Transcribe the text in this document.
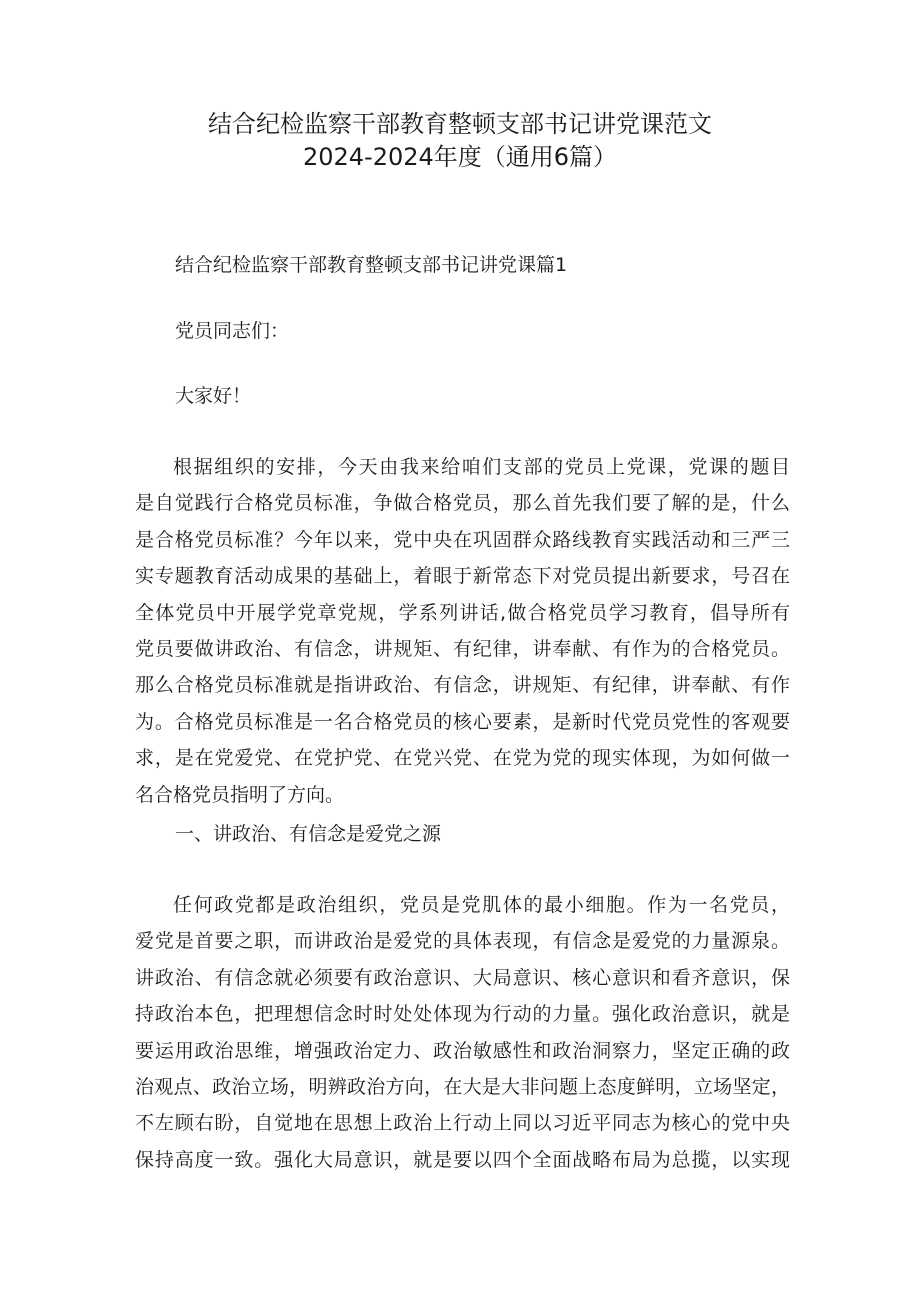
结合纪检监察干部教育整顿支部书记讲党课范文
2024-2024年度（通用6篇）

结合纪检监察干部教育整顿支部书记讲党课篇1

党员同志们：

大家好！

根据组织的安排，今天由我来给咱们支部的党员上党课，党课的题目
是自觉践行合格党员标准，争做合格党员，那么首先我们要了解的是，什么
是合格党员标准？今年以来，党中央在巩固群众路线教育实践活动和三严三
实专题教育活动成果的基础上，着眼于新常态下对党员提出新要求，号召在
全体党员中开展学党章党规，学系列讲话,做合格党员学习教育，倡导所有
党员要做讲政治、有信念，讲规矩、有纪律，讲奉献、有作为的合格党员。
那么合格党员标准就是指讲政治、有信念，讲规矩、有纪律，讲奉献、有作
为。合格党员标准是一名合格党员的核心要素，是新时代党员党性的客观要
求，是在党爱党、在党护党、在党兴党、在党为党的现实体现，为如何做一
名合格党员指明了方向。

一、讲政治、有信念是爱党之源

任何政党都是政治组织，党员是党肌体的最小细胞。作为一名党员，
爱党是首要之职，而讲政治是爱党的具体表现，有信念是爱党的力量源泉。
讲政治、有信念就必须要有政治意识、大局意识、核心意识和看齐意识，保
持政治本色，把理想信念时时处处体现为行动的力量。强化政治意识，就是
要运用政治思维，增强政治定力、政治敏感性和政治洞察力，坚定正确的政
治观点、政治立场，明辨政治方向，在大是大非问题上态度鲜明，立场坚定，
不左顾右盼，自觉地在思想上政治上行动上同以习近平同志为核心的党中央
保持高度一致。强化大局意识，就是要以四个全面战略布局为总揽，以实现
